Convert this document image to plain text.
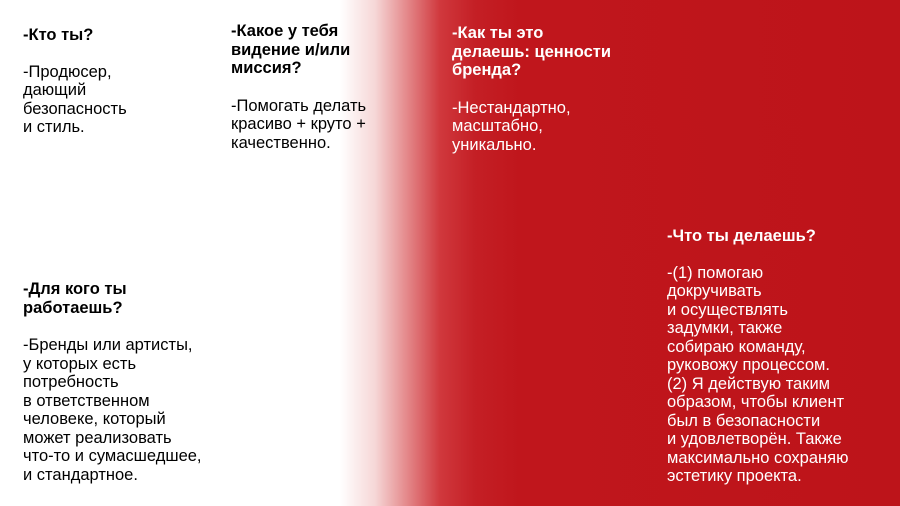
-Кто ты?

-Продюсер,
дающий
безопасность
и стиль.

-Какое у тебя
видение и/или
миссия?

-Помогать делать
красиво + круто +
качественно.

-Как ты это
делаешь: ценности
бренда?

-Нестандартно,
масштабно,
уникально.

-Для кого ты
работаешь?

-Бренды или артисты,
у которых есть
потребность
в ответственном
человеке, который
может реализовать
что-то и сумасшедшее,
и стандартное.

-Что ты делаешь?

-(1) помогаю
докручивать
и осуществлять
задумки, также
собираю команду,
руковожу процессом.
(2) Я действую таким
образом, чтобы клиент
был в безопасности
и удовлетворён. Также
максимально сохраняю
эстетику проекта.
